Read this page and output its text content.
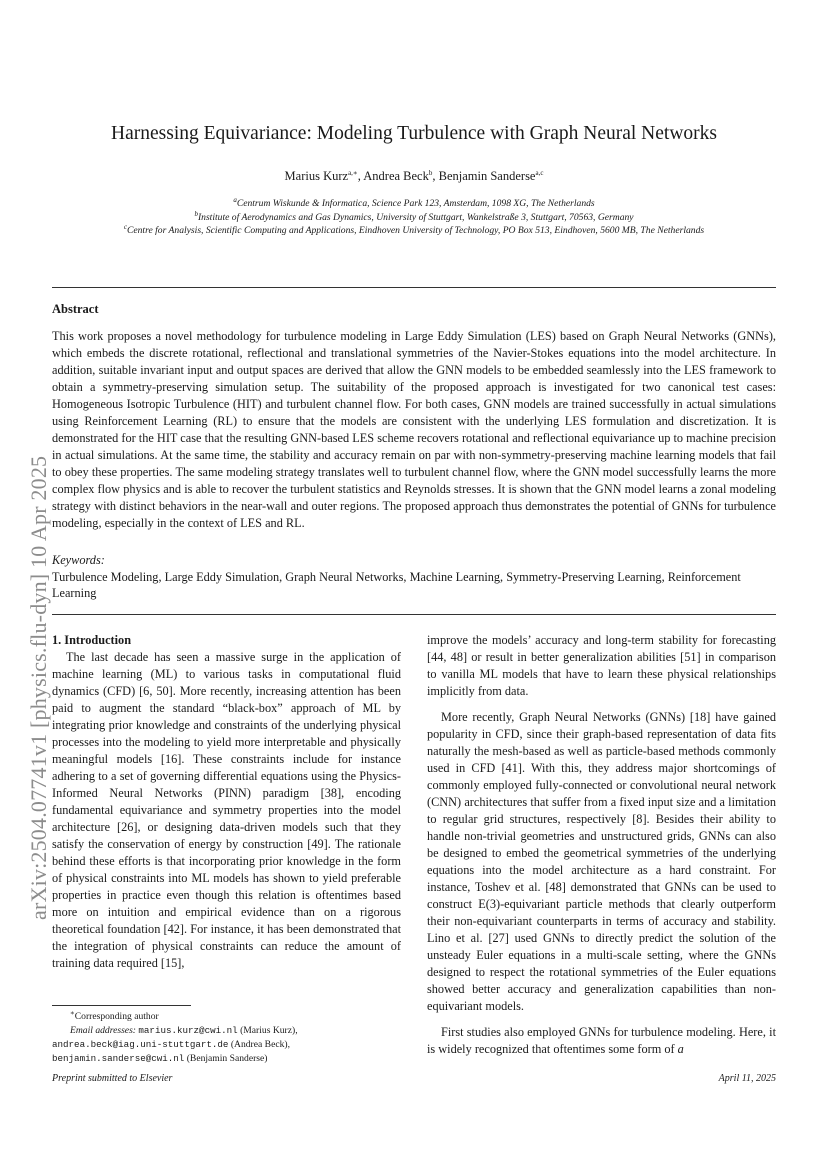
arXiv:2504.07741v1 [physics.flu-dyn] 10 Apr 2025
Harnessing Equivariance: Modeling Turbulence with Graph Neural Networks
Marius Kurz$^{a,∗}$, Andrea Beck$^b$, Benjamin Sanderse$^{a,c}$
$^a$Centrum Wiskunde & Informatica, Science Park 123, Amsterdam, 1098 XG, The Netherlands
$^b$Institute of Aerodynamics and Gas Dynamics, University of Stuttgart, Wankelstraße 3, Stuttgart, 70563, Germany
$^c$Centre for Analysis, Scientific Computing and Applications, Eindhoven University of Technology, PO Box 513, Eindhoven, 5600 MB, The Netherlands
Abstract

This work proposes a novel methodology for turbulence modeling in Large Eddy Simulation (LES) based on Graph Neural Networks (GNNs), which embeds the discrete rotational, reflectional and translational symmetries of the Navier-Stokes equations into the model architecture. In addition, suitable invariant input and output spaces are derived that allow the GNN models to be embedded seamlessly into the LES framework to obtain a symmetry-preserving simulation setup. The suitability of the proposed approach is investigated for two canonical test cases: Homogeneous Isotropic Turbulence (HIT) and turbulent channel flow. For both cases, GNN models are trained successfully in actual simulations using Reinforcement Learning (RL) to ensure that the models are consistent with the underlying LES formulation and discretization. It is demonstrated for the HIT case that the resulting GNN-based LES scheme recovers rotational and reflectional equivariance up to machine precision in actual simulations. At the same time, the stability and accuracy remain on par with non-symmetry-preserving machine learning models that fail to obey these properties. The same modeling strategy translates well to turbulent channel flow, where the GNN model successfully learns the more complex flow physics and is able to recover the turbulent statistics and Reynolds stresses. It is shown that the GNN model learns a zonal modeling strategy with distinct behaviors in the near-wall and outer regions. The proposed approach thus demonstrates the potential of GNNs for turbulence modeling, especially in the context of LES and RL.

Keywords:

Turbulence Modeling, Large Eddy Simulation, Graph Neural Networks, Machine Learning, Symmetry-Preserving Learning, Reinforcement Learning

1. Introduction

The last decade has seen a massive surge in the application of machine learning (ML) to various tasks in computational fluid dynamics (CFD) [6, 50]. More recently, increasing attention has been paid to augment the standard “black-box” approach of ML by integrating prior knowledge and constraints of the underlying physical processes into the modeling to yield more interpretable and physically meaningful models [16]. These constraints include for instance adhering to a set of governing differential equations using the Physics-Informed Neural Networks (PINN) paradigm [38], encoding fundamental equivariance and symmetry properties into the model architecture [26], or designing data-driven models such that they satisfy the conservation of energy by construction [49]. The rationale behind these efforts is that incorporating prior knowledge in the form of physical constraints into ML models has shown to yield preferable properties in practice even though this relation is oftentimes based more on intuition and empirical evidence than on a rigorous theoretical foundation [42]. For instance, it has been demonstrated that the integration of physical constraints can reduce the amount of training data required [15],

improve the models’ accuracy and long-term stability for forecasting [44, 48] or result in better generalization abilities [51] in comparison to vanilla ML models that have to learn these physical relationships implicitly from data.

More recently, Graph Neural Networks (GNNs) [18] have gained popularity in CFD, since their graph-based representation of data fits naturally the mesh-based as well as particle-based methods commonly used in CFD [41]. With this, they address major shortcomings of commonly employed fully-connected or convolutional neural network (CNN) architectures that suffer from a fixed input size and a limitation to regular grid structures, respectively [8]. Besides their ability to handle non-trivial geometries and unstructured grids, GNNs can also be designed to embed the geometrical symmetries of the underlying equations into the model architecture as a hard constraint. For instance, Toshev et al. [48] demonstrated that GNNs can be used to construct E(3)-equivariant particle methods that clearly outperform their non-equivariant counterparts in terms of accuracy and stability. Lino et al. [27] used GNNs to directly predict the solution of the unsteady Euler equations in a multi-scale setting, where the GNNs designed to respect the rotational symmetries of the Euler equations showed better accuracy and generalization capabilities than non-equivariant models.

First studies also employed GNNs for turbulence modeling. Here, it is widely recognized that oftentimes some form of a

∗Corresponding author
Email addresses: marius.kurz@cwi.nl (Marius Kurz),
andrea.beck@iag.uni-stuttgart.de (Andrea Beck),
benjamin.sanderse@cwi.nl (Benjamin Sanderse)
Preprint submitted to Elsevier	April 11, 2025
